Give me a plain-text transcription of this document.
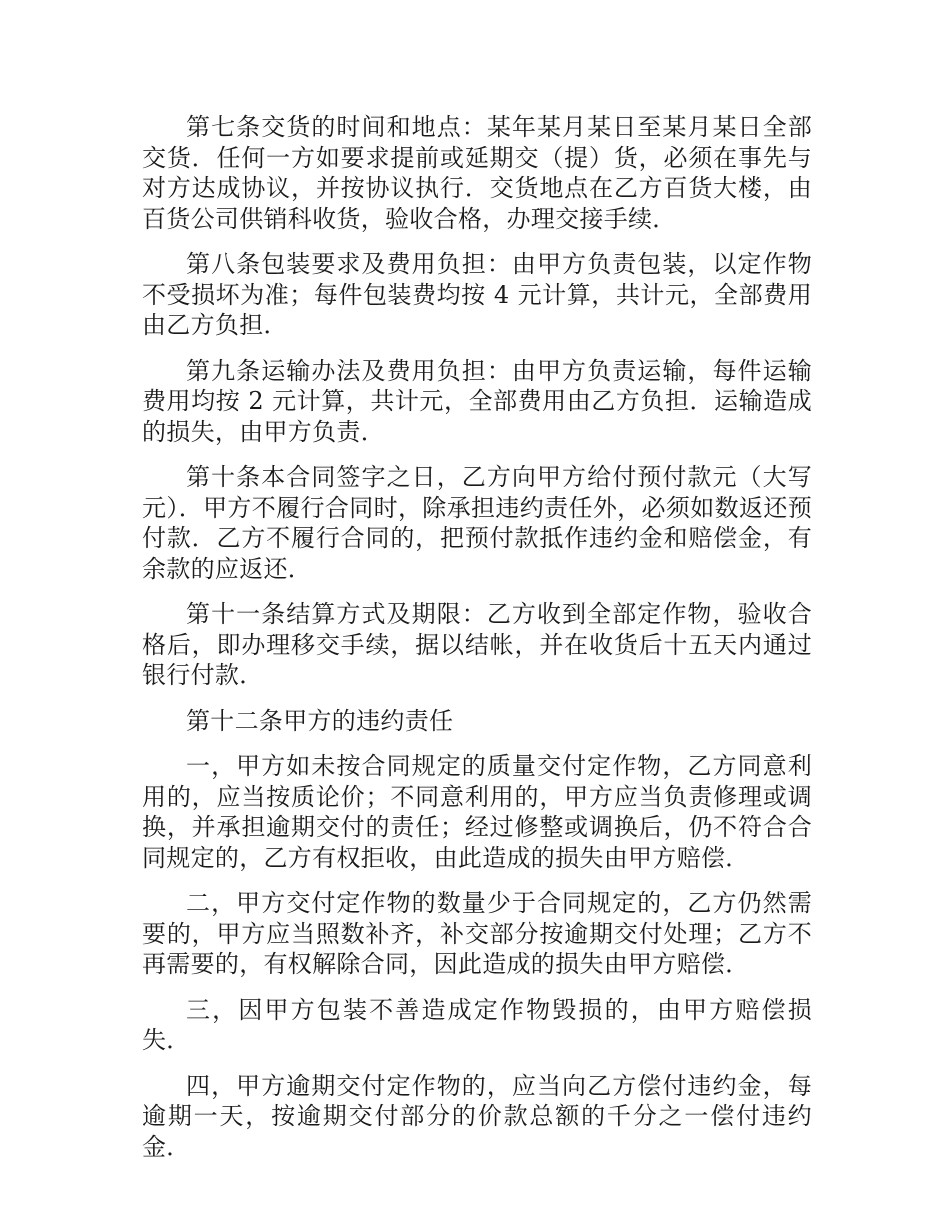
第七条交货的时间和地点：某年某月某日至某月某日全部交货．任何一方如要求提前或延期交（提）货，必须在事先与对方达成协议，并按协议执行．交货地点在乙方百货大楼，由百货公司供销科收货，验收合格，办理交接手续．

第八条包装要求及费用负担：由甲方负责包装，以定作物不受损坏为准；每件包装费均按 4 元计算，共计元，全部费用由乙方负担．

第九条运输办法及费用负担：由甲方负责运输，每件运输费用均按 2 元计算，共计元，全部费用由乙方负担．运输造成的损失，由甲方负责．

第十条本合同签字之日，乙方向甲方给付预付款元（大写元）．甲方不履行合同时，除承担违约责任外，必须如数返还预付款．乙方不履行合同的，把预付款抵作违约金和赔偿金，有余款的应返还．

第十一条结算方式及期限：乙方收到全部定作物，验收合格后，即办理移交手续，据以结帐，并在收货后十五天内通过银行付款．

第十二条甲方的违约责任

一，甲方如未按合同规定的质量交付定作物，乙方同意利用的，应当按质论价；不同意利用的，甲方应当负责修理或调换，并承担逾期交付的责任；经过修整或调换后，仍不符合合同规定的，乙方有权拒收，由此造成的损失由甲方赔偿．

二，甲方交付定作物的数量少于合同规定的，乙方仍然需要的，甲方应当照数补齐，补交部分按逾期交付处理；乙方不再需要的，有权解除合同，因此造成的损失由甲方赔偿．

三，因甲方包装不善造成定作物毁损的，由甲方赔偿损失．

四，甲方逾期交付定作物的，应当向乙方偿付违约金，每逾期一天，按逾期交付部分的价款总额的千分之一偿付违约金．
